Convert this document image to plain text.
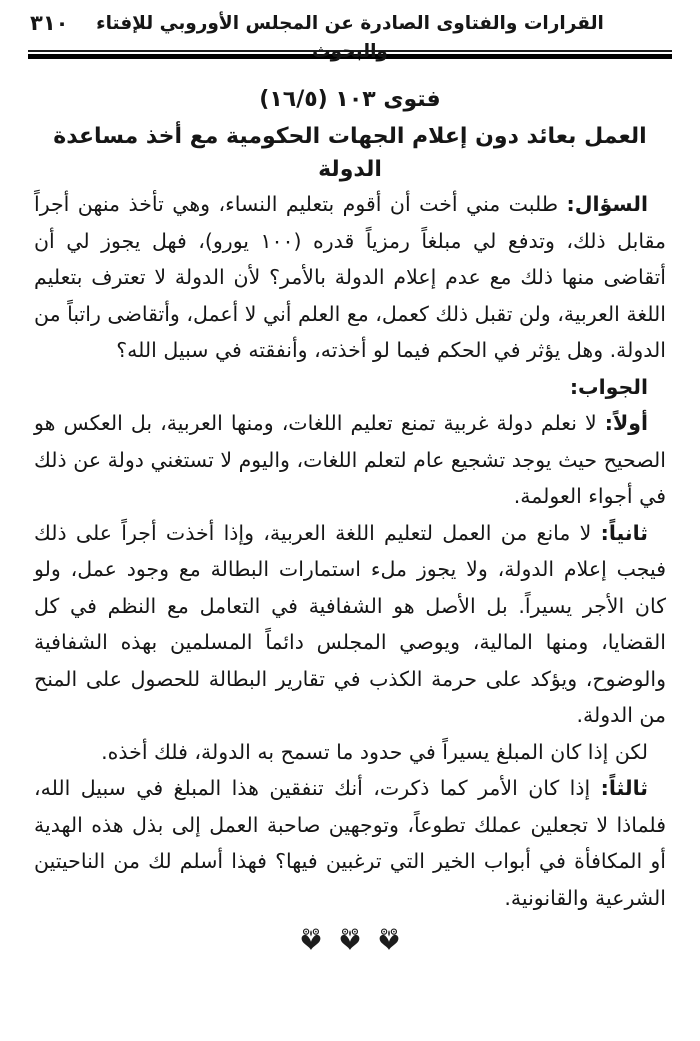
٣١٠	القرارات والفتاوى الصادرة عن المجلس الأوروبي للإفتاء والبحوث

فتوى ١٠٣ (١٦/٥)

العمل بعائد دون إعلام الجهات الحكومية مع أخذ مساعدة الدولة

السؤال: طلبت مني أخت أن أقوم بتعليم النساء، وهي تأخذ منهن أجراً مقابل ذلك، وتدفع لي مبلغاً رمزياً قدره (١٠٠ يورو)، فهل يجوز لي أن أتقاضى منها ذلك مع عدم إعلام الدولة بالأمر؟ لأن الدولة لا تعترف بتعليم اللغة العربية، ولن تقبل ذلك كعمل، مع العلم أني لا أعمل، وأتقاضى راتباً من الدولة. وهل يؤثر في الحكم فيما لو أخذته، وأنفقته في سبيل الله؟

الجواب:

أولاً: لا نعلم دولة غربية تمنع تعليم اللغات، ومنها العربية، بل العكس هو الصحيح حيث يوجد تشجيع عام لتعلم اللغات، واليوم لا تستغني دولة عن ذلك في أجواء العولمة.

ثانياً: لا مانع من العمل لتعليم اللغة العربية، وإذا أخذت أجراً على ذلك فيجب إعلام الدولة، ولا يجوز ملء استمارات البطالة مع وجود عمل، ولو كان الأجر يسيراً. بل الأصل هو الشفافية في التعامل مع النظم في كل القضايا، ومنها المالية، ويوصي المجلس دائماً المسلمين بهذه الشفافية والوضوح، ويؤكد على حرمة الكذب في تقارير البطالة للحصول على المنح من الدولة.

لكن إذا كان المبلغ يسيراً في حدود ما تسمح به الدولة، فلك أخذه.

ثالثاً: إذا كان الأمر كما ذكرت، أنك تنفقين هذا المبلغ في سبيل الله، فلماذا لا تجعلين عملك تطوعاً، وتوجهين صاحبة العمل إلى بذل هذه الهدية أو المكافأة في أبواب الخير التي ترغبين فيها؟ فهذا أسلم لك من الناحيتين الشرعية والقانونية.
